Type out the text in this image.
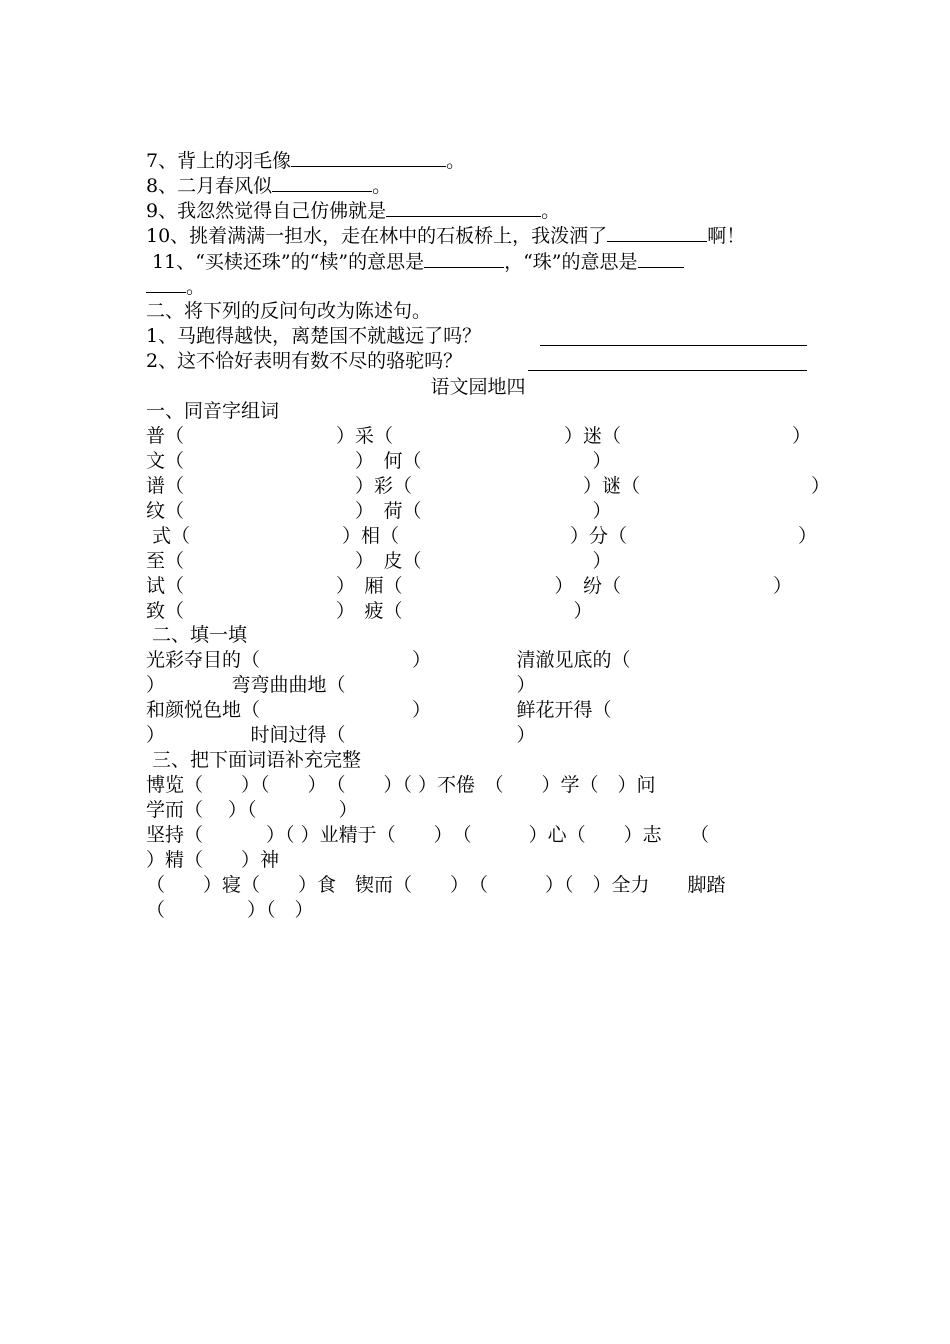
7、背上的羽毛像	。
8、二月春风似	。
9、我忽然觉得自己仿佛就是	。
10、挑着满满一担水，走在林中的石板桥上，我泼洒了	啊！
11、“买椟还珠”的“椟”的意思是	，“珠”的意思是
。
二、将下列的反问句改为陈述句。
1、马跑得越快，离楚国不就越远了吗？
2、这不恰好表明有数不尽的骆驼吗？
语文园地四
一、同音字组词
普（　　　　　　　　）采（　　　　　　　　　）迷（　　　　　　　　　）
文（　　　　　　　　　）　何（　　　　　　　　　）
谱（　　　　　　　　　）彩（　　　　　　　　　）谜（　　　　　　　　　）
纹（　　　　　　　　　）　荷（　　　　　　　　　）
式（　　　　　　　　）相（　　　　　　　　　）分（　　　　　　　　　）
至（　　　　　　　　　）　皮（　　　　　　　　　）
试（　　　　　　　　）　厢（　　　　　　　　）　纷（　　　　　　　　）
致（　　　　　　　　）　疲（　　　　　　　　　）
二、填一填
光彩夺目的（　　　　　　　　）　　　　　清澈见底的（
）　　　　弯弯曲曲地（　　　　　　　　　）
和颜悦色地（　　　　　　　　）　　　　　鲜花开得（
）　　　　　时间过得（　　　　　　　　　）
三、把下面词语补充完整
博览（　　）（　　）　（　　）（ ）不倦　（　　）学（　）问
学而（　 ）（　　　　 ）
坚持（　　　 ）（ ）业精于（　　）　（　　　）心（　　）志　　（
）精（　　）神
（　　）寝（　　）食　锲而（　　）　（　　　）（　）全力　　脚踏
（　　　　 ）（　）
